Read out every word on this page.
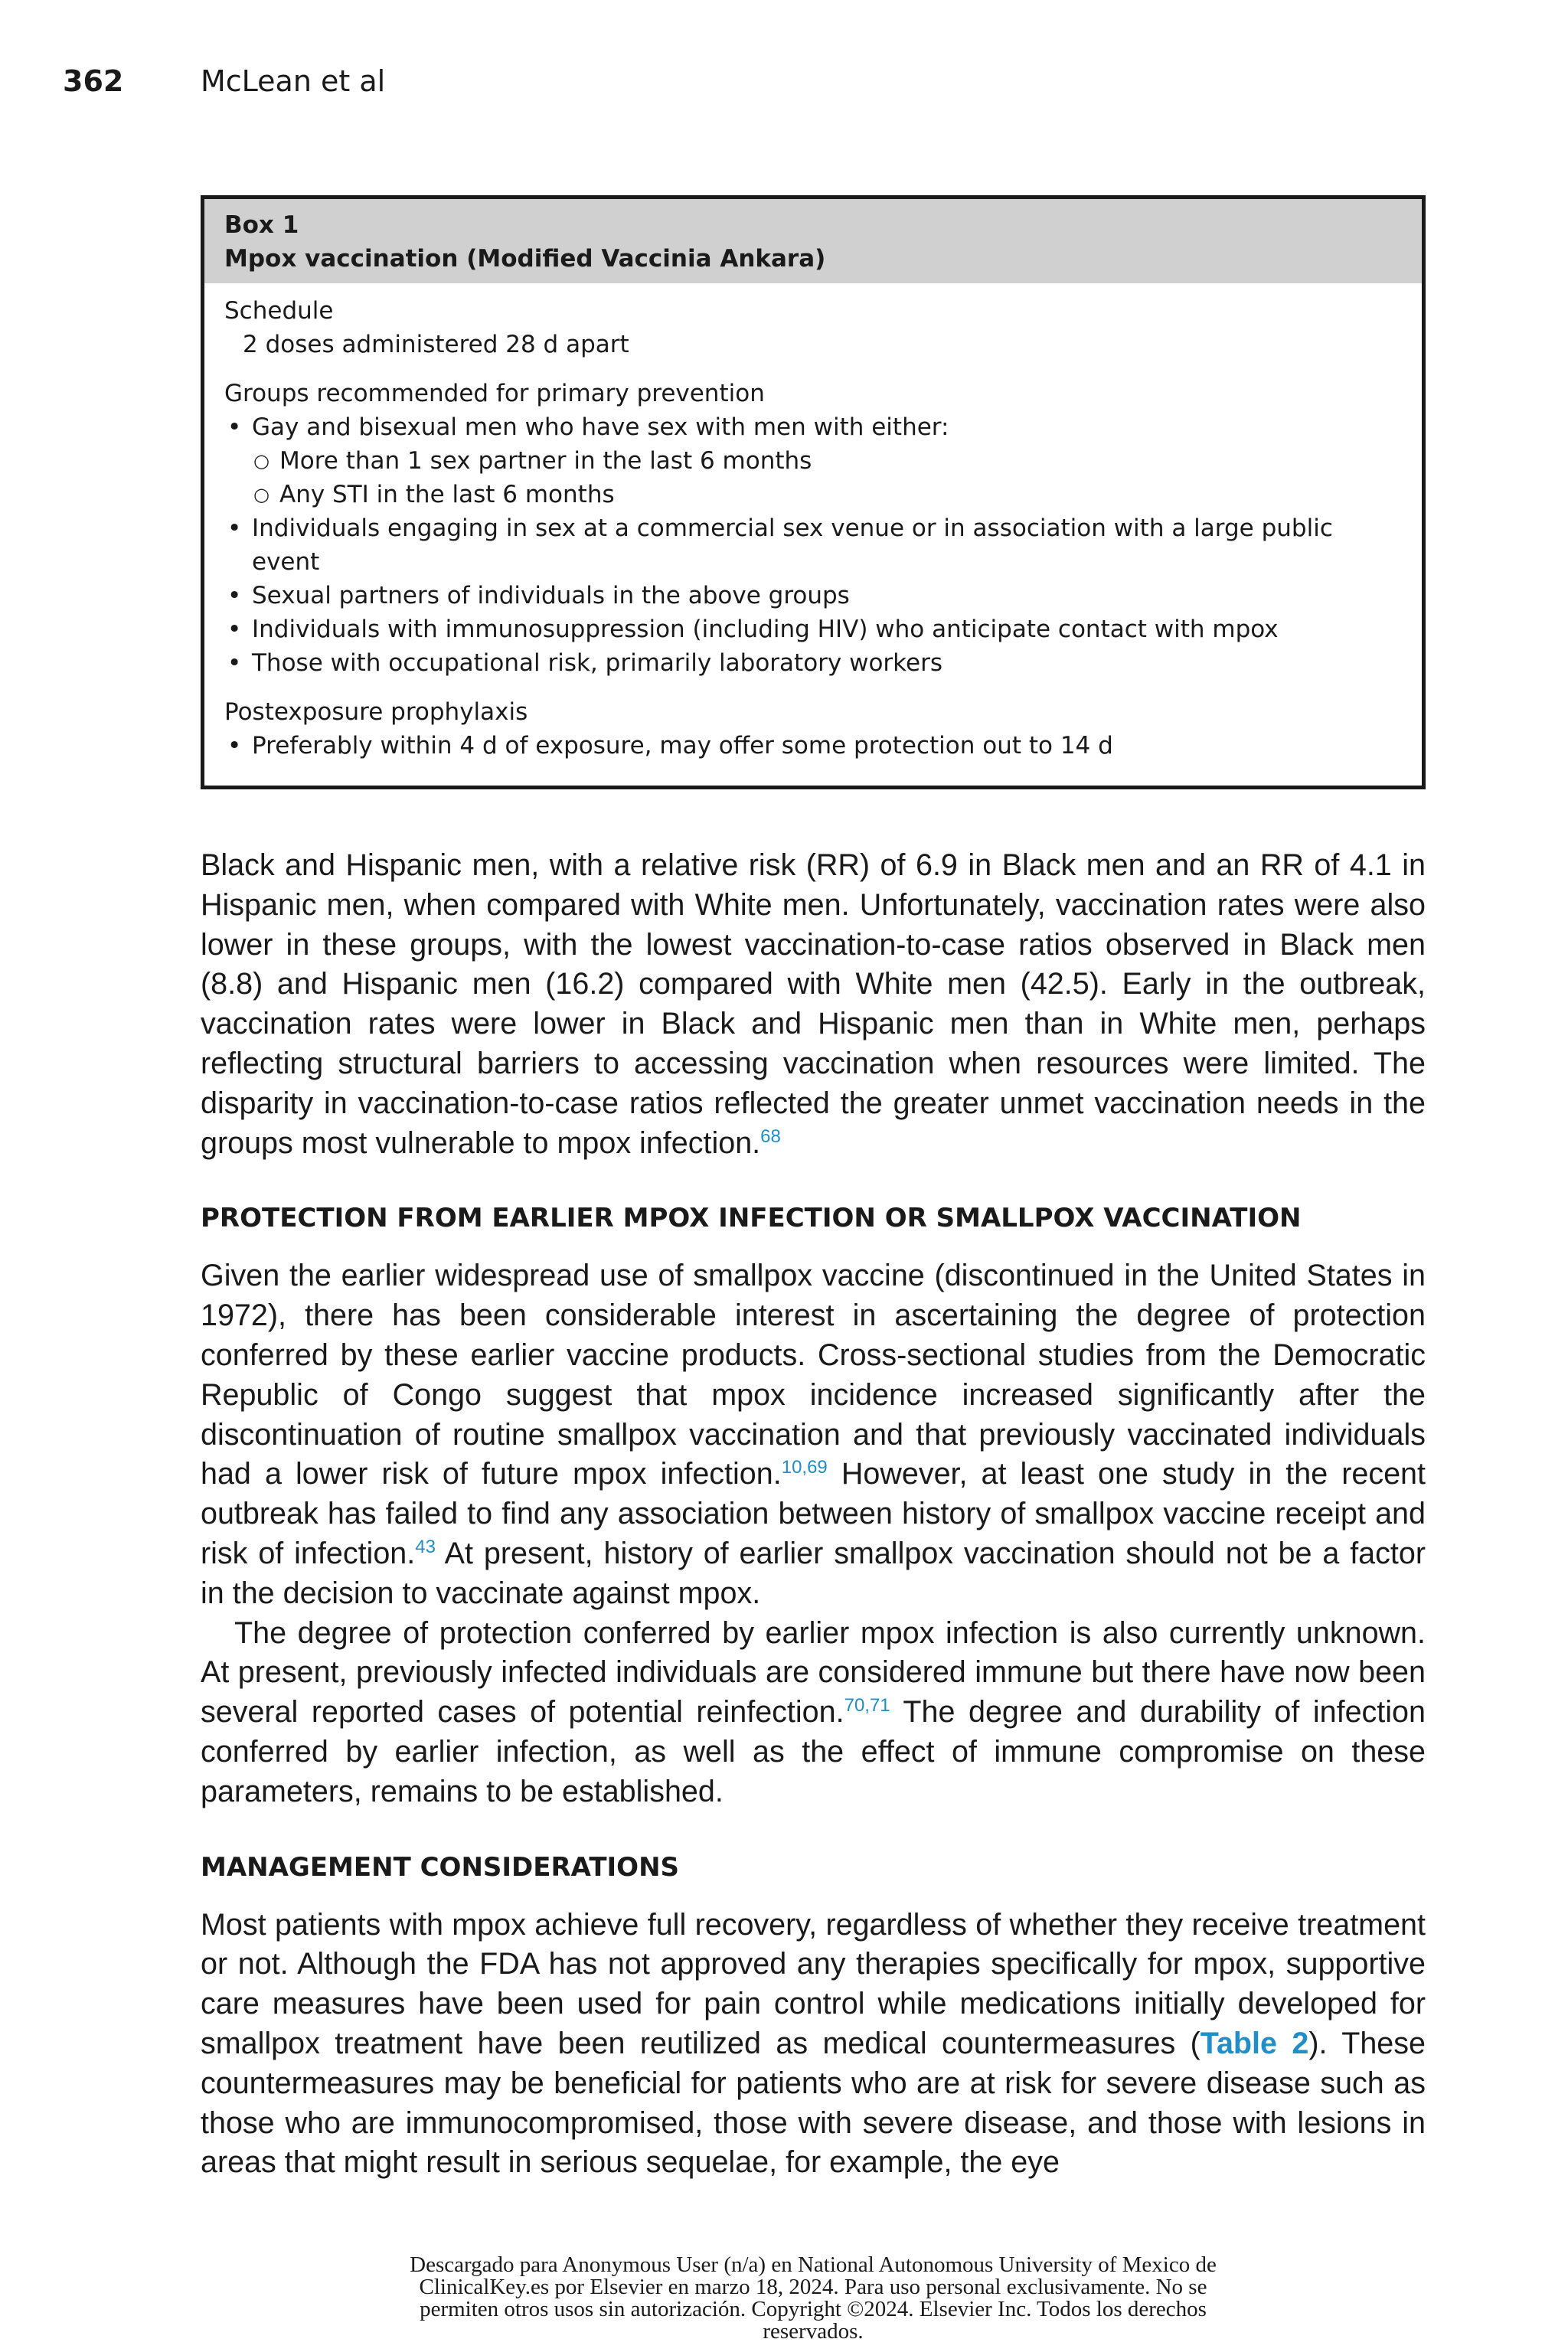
362	McLean et al
Box 1
Mpox vaccination (Modified Vaccinia Ankara)
Schedule
2 doses administered 28 d apart
Groups recommended for primary prevention
• Gay and bisexual men who have sex with men with either:
○ More than 1 sex partner in the last 6 months
○ Any STI in the last 6 months
• Individuals engaging in sex at a commercial sex venue or in association with a large public event
• Sexual partners of individuals in the above groups
• Individuals with immunosuppression (including HIV) who anticipate contact with mpox
• Those with occupational risk, primarily laboratory workers
Postexposure prophylaxis
• Preferably within 4 d of exposure, may offer some protection out to 14 d

Black and Hispanic men, with a relative risk (RR) of 6.9 in Black men and an RR of 4.1 in Hispanic men, when compared with White men. Unfortunately, vaccination rates were also lower in these groups, with the lowest vaccination-to-case ratios observed in Black men (8.8) and Hispanic men (16.2) compared with White men (42.5). Early in the outbreak, vaccination rates were lower in Black and Hispanic men than in White men, perhaps reflecting structural barriers to accessing vaccination when resources were limited. The disparity in vaccination-to-case ratios reflected the greater unmet vaccination needs in the groups most vulnerable to mpox infection.$^{68}$

PROTECTION FROM EARLIER MPOX INFECTION OR SMALLPOX VACCINATION

Given the earlier widespread use of smallpox vaccine (discontinued in the United States in 1972), there has been considerable interest in ascertaining the degree of protection conferred by these earlier vaccine products. Cross-sectional studies from the Democratic Republic of Congo suggest that mpox incidence increased significantly after the discontinuation of routine smallpox vaccination and that previously vaccinated individuals had a lower risk of future mpox infection.$^{10,69}$ However, at least one study in the recent outbreak has failed to find any association between history of smallpox vaccine receipt and risk of infection.$^{43}$ At present, history of earlier smallpox vaccination should not be a factor in the decision to vaccinate against mpox.

The degree of protection conferred by earlier mpox infection is also currently unknown. At present, previously infected individuals are considered immune but there have now been several reported cases of potential reinfection.$^{70,71}$ The degree and durability of infection conferred by earlier infection, as well as the effect of immune compromise on these parameters, remains to be established.

MANAGEMENT CONSIDERATIONS

Most patients with mpox achieve full recovery, regardless of whether they receive treatment or not. Although the FDA has not approved any therapies specifically for mpox, supportive care measures have been used for pain control while medications initially developed for smallpox treatment have been reutilized as medical countermeasures (Table 2). These countermeasures may be beneficial for patients who are at risk for severe disease such as those who are immunocompromised, those with severe disease, and those with lesions in areas that might result in serious sequelae, for example, the eye

Descargado para Anonymous User (n/a) en National Autonomous University of Mexico de
ClinicalKey.es por Elsevier en marzo 18, 2024. Para uso personal exclusivamente. No se
permiten otros usos sin autorización. Copyright ©2024. Elsevier Inc. Todos los derechos
reservados.
